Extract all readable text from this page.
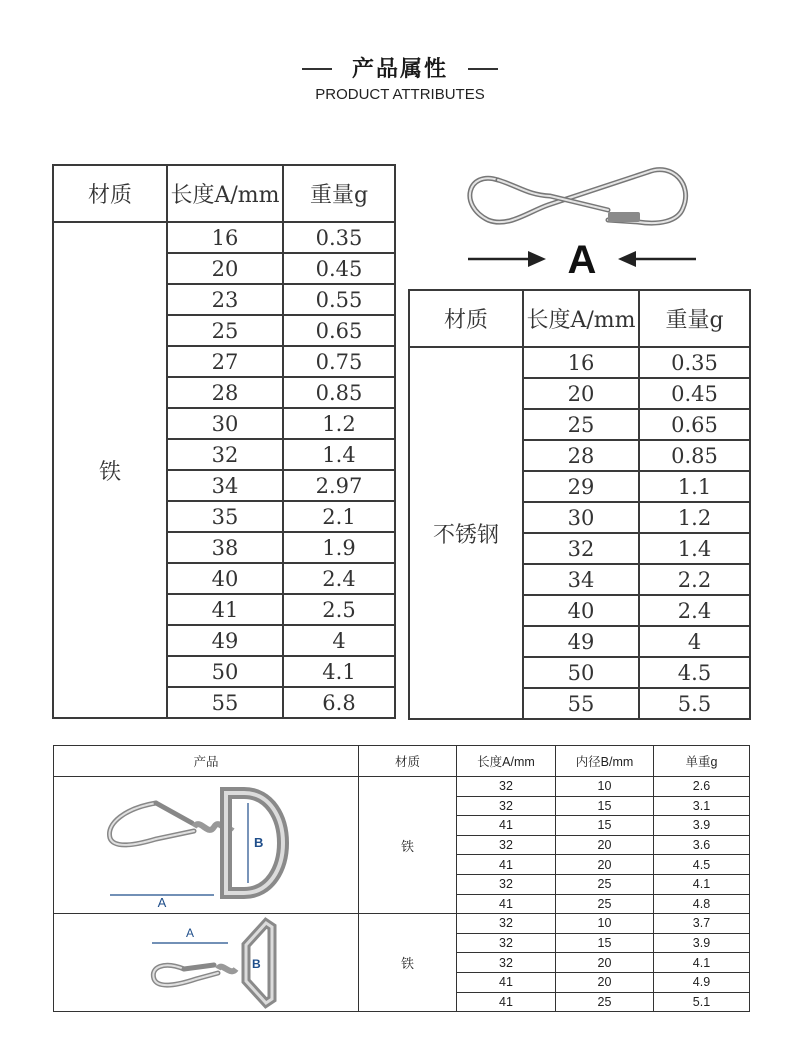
产品属性
PRODUCT ATTRIBUTES
材质	长度A/mm	重量g
铁	16	0.35
	20	0.45
	23	0.55
	25	0.65
	27	0.75
	28	0.85
	30	1.2
	32	1.4
	34	2.97
	35	2.1
	38	1.9
	40	2.4
	41	2.5
	49	4
	50	4.1
	55	6.8
A
材质	长度A/mm	重量g
不锈钢	16	0.35
	20	0.45
	25	0.65
	28	0.85
	29	1.1
	30	1.2
	32	1.4
	34	2.2
	40	2.4
	49	4
	50	4.5
	55	5.5
产品	材质	长度A/mm	内径B/mm	单重g

B
A	铁	32	10	2.6
		32	15	3.1
		41	15	3.9
		32	20	3.6
		41	20	4.5
		32	25	4.1
		41	25	4.8

A
B	铁	32	10	3.7
		32	15	3.9
		32	20	4.1
		41	20	4.9
		41	25	5.1
